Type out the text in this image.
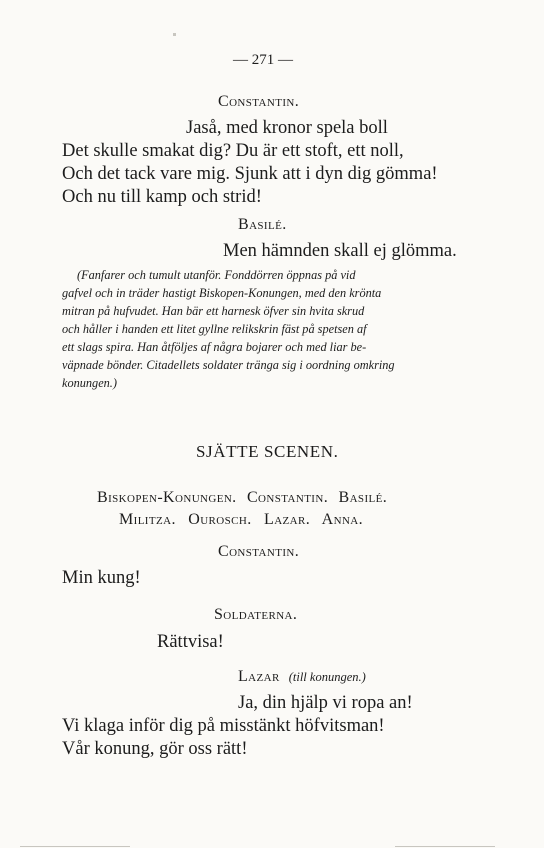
— 271 —
Constantin.
Jaså, med kronor spela boll
Det skulle smakat dig? Du är ett stoft, ett noll,
Och det tack vare mig. Sjunk att i dyn dig gömma!
Och nu till kamp och strid!
Basilé.
Men hämnden skall ej glömma.
(Fanfarer och tumult utanför. Fonddörren öppnas på vid
gafvel och in träder hastigt Biskopen-Konungen, med den krönta
mitran på hufvudet. Han bär ett harnesk öfver sin hvita skrud
och håller i handen ett litet gyllne relikskrin fäst på spetsen af
ett slags spira. Han åtföljes af några bojarer och med liar be-
väpnade bönder. Citadellets soldater tränga sig i oordning omkring
konungen.)
SJÄTTE SCENEN.
Biskopen-Konungen. Constantin. Basilé.
Militza. Ourosch. Lazar. Anna.
Constantin.
Min kung!
Soldaterna.
Rättvisa!
Lazar (till konungen.)
Ja, din hjälp vi ropa an!
Vi klaga inför dig på misstänkt höfvitsman!
Vår konung, gör oss rätt!
